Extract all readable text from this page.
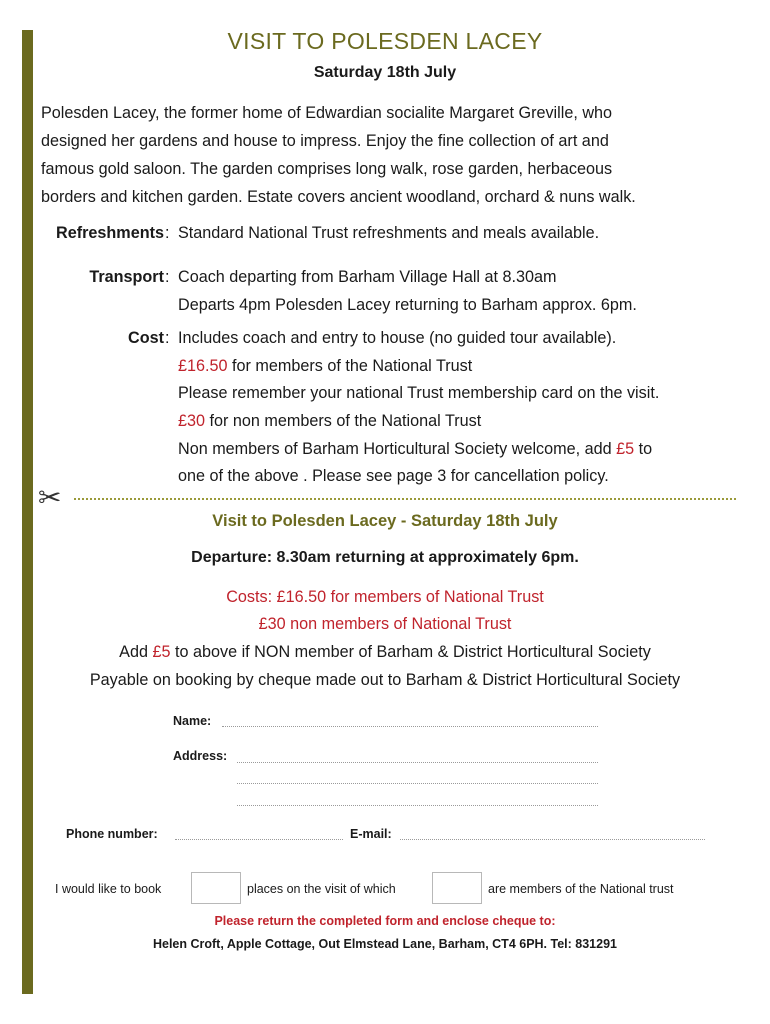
VISIT TO POLESDEN LACEY
Saturday 18th July

Polesden Lacey, the former home of Edwardian socialite Margaret Greville, who

designed her gardens and house to impress. Enjoy the fine collection of art and

famous gold saloon. The garden comprises long walk, rose garden, herbaceous

borders and kitchen garden. Estate covers ancient woodland, orchard & nuns walk.

Refreshments : Standard National Trust refreshments and meals available.
Transport : Coach departing from Barham Village Hall at 8.30am
Departs 4pm Polesden Lacey returning to Barham approx. 6pm.
Cost : Includes coach and entry to house (no guided tour available).
£16.50 for members of the National Trust
Please remember your national Trust membership card on the visit.
£30 for non members of the National Trust
Non members of Barham Horticultural Society welcome, add £5 to
one of the above . Please see page 3 for cancellation policy.
✂
Visit to Polesden Lacey - Saturday 18th July
Departure: 8.30am returning at approximately 6pm.
Costs: £16.50 for members of National Trust
£30 non members of National Trust
Add £5 to above if NON member of Barham & District Horticultural Society
Payable on booking by cheque made out to Barham & District Horticultural Society
Name:
Address:
Phone number:	E-mail:
I would like to book	places on the visit of which	are members of the National trust
Please return the completed form and enclose cheque to:
Helen Croft, Apple Cottage, Out Elmstead Lane, Barham, CT4 6PH. Tel: 831291
